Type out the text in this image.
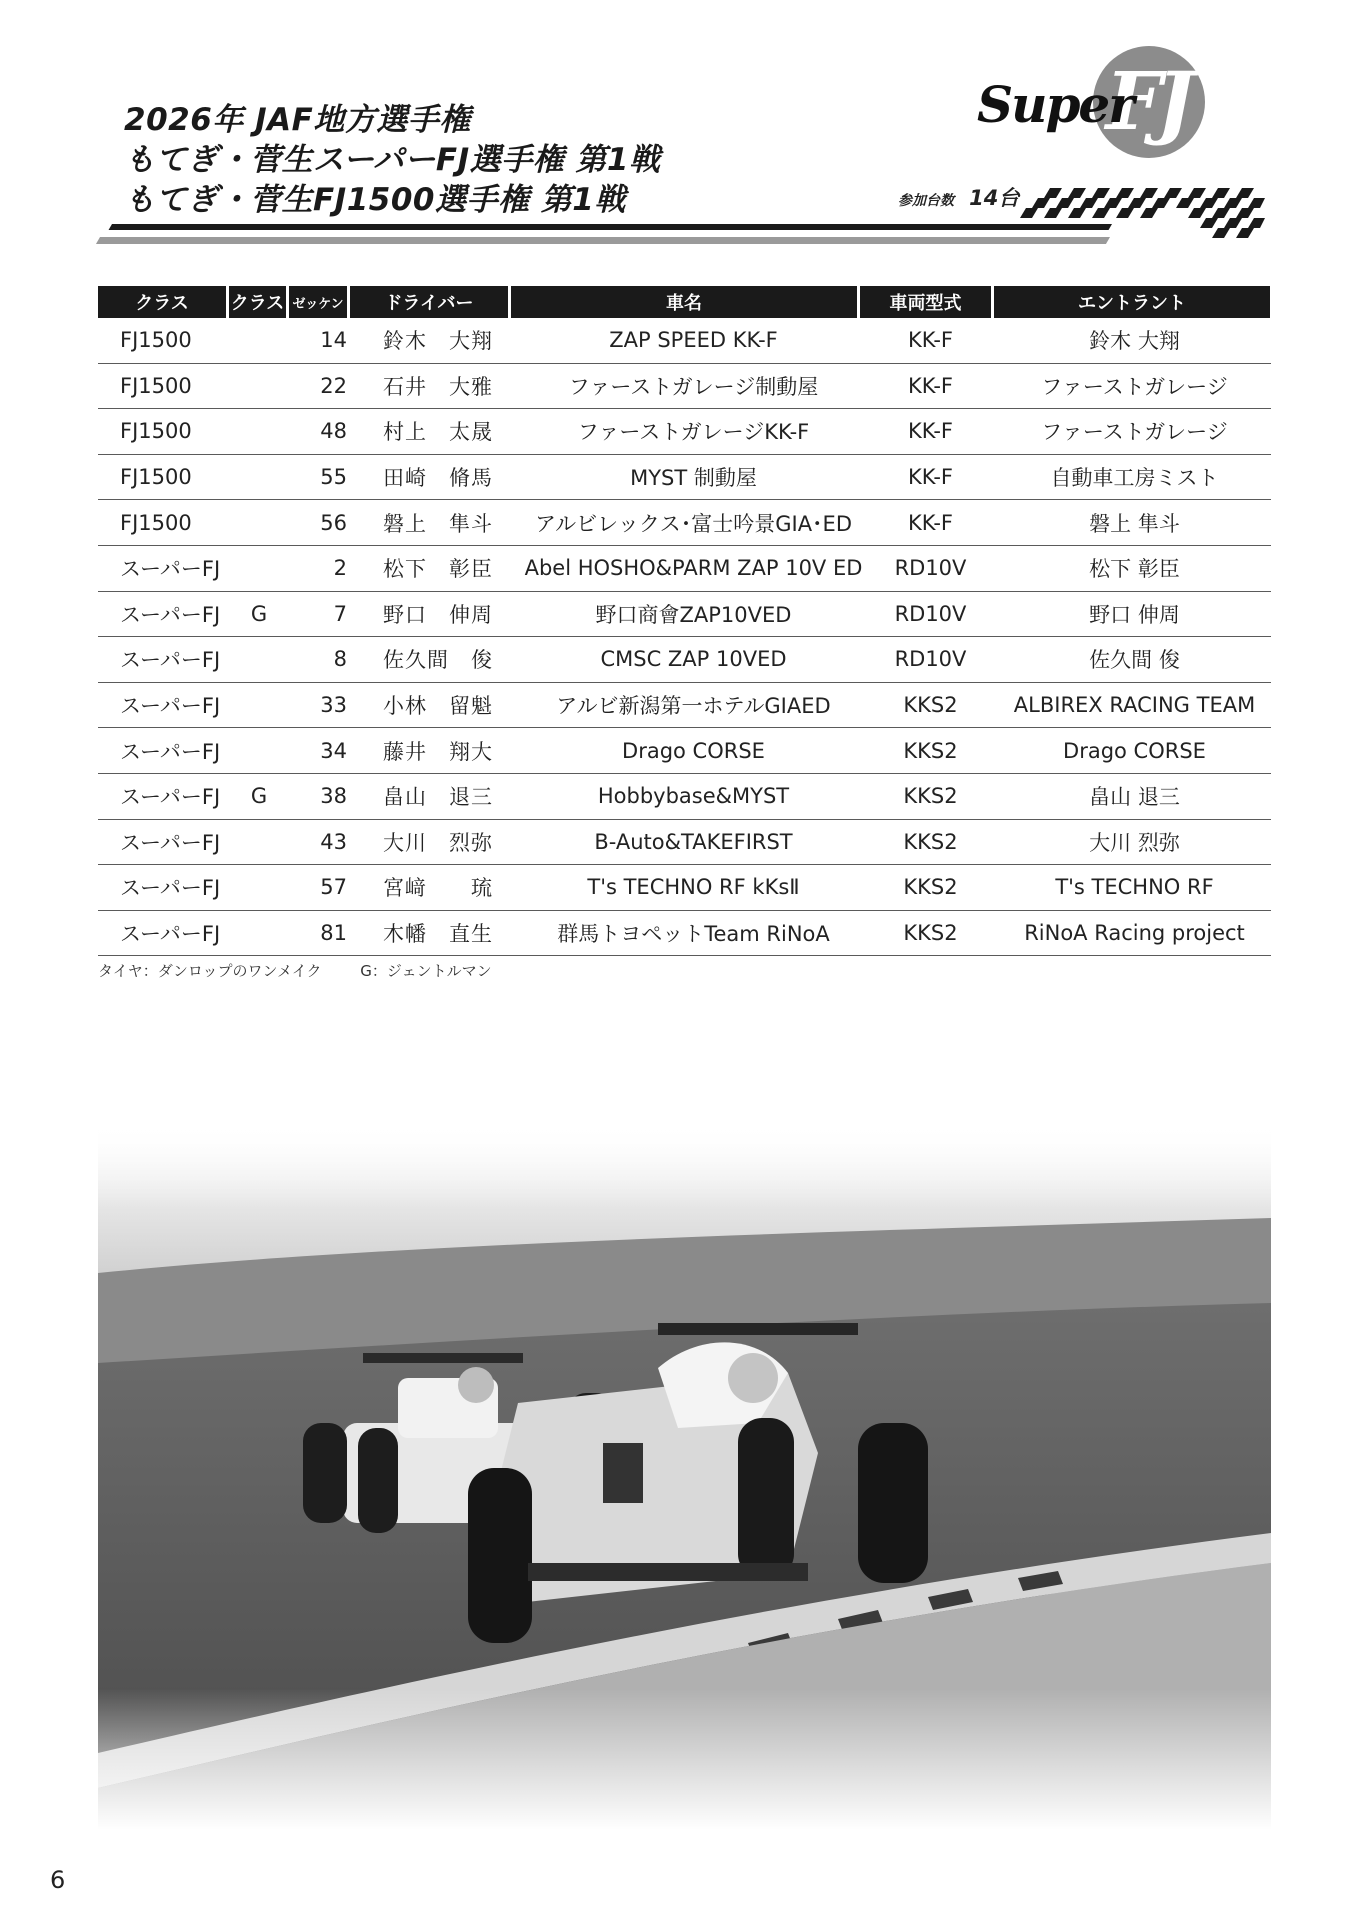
2026年 JAF地方選手権
もてぎ・菅生スーパーFJ選手権 第1戦
もてぎ・菅生FJ1500選手権 第1戦
FJ
Super
参加台数 14台
クラス	クラス ゼッケン	ドライバー	車名	車両型式	エントラント
FJ1500	14	鈴木　大翔	ZAP SPEED KK-F	KK-F	鈴木 大翔
FJ1500	22	石井　大雅	ファーストガレージ制動屋	KK-F	ファーストガレージ
FJ1500	48	村上　太晟	ファーストガレージKK-F	KK-F	ファーストガレージ
FJ1500	55	田崎　脩馬	MYST 制動屋	KK-F	自動車工房ミスト
FJ1500	56	磐上　隼斗	アルビレックス･富士吟景GIA･ED	KK-F	磐上 隼斗
スーパーFJ	2	松下　彰臣	Abel HOSHO&PARM ZAP 10V ED	RD10V	松下 彰臣
スーパーFJ	G	7	野口　伸周	野口商會ZAP10VED	RD10V	野口 伸周
スーパーFJ	8	佐久間　俊	CMSC ZAP 10VED	RD10V	佐久間 俊
スーパーFJ	33	小林　留魁	アルビ新潟第一ホテルGIAED	KKS2	ALBIREX RACING TEAM
スーパーFJ	34	藤井　翔大	Drago CORSE	KKS2	Drago CORSE
スーパーFJ	G	38	畠山　退三	Hobbybase&MYST	KKS2	畠山 退三
スーパーFJ	43	大川　烈弥	B-Auto&TAKEFIRST	KKS2	大川 烈弥
スーパーFJ	57	宮﨑　　琉	T's TECHNO RF kKsⅡ	KKS2	T's TECHNO RF
スーパーFJ	81	木幡　直生	群馬トヨペットTeam RiNoA	KKS2	RiNoA Racing project
タイヤ：ダンロップのワンメイク	G：ジェントルマン
6
